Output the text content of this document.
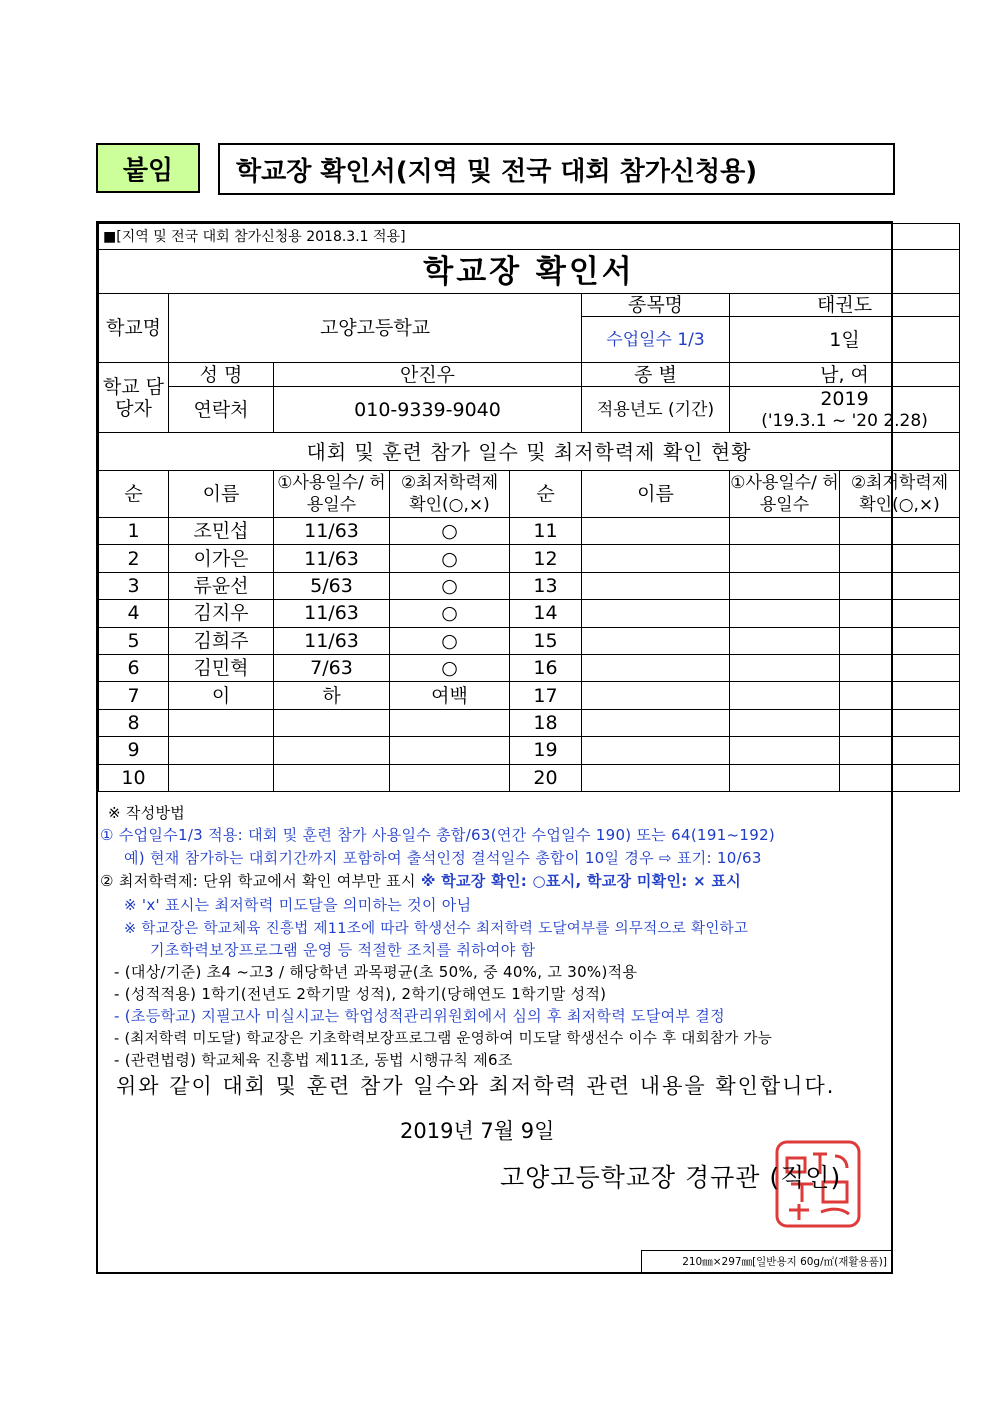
붙임	학교장 확인서(지역 및 전국 대회 참가신청용)
■[지역 및 전국 대회 참가신청용 2018.3.1 적용]							
학교장 확인서							
학교명	고양고등학교				종목명	태권도	
					수업일수 1/3	1일	
학교 담당자	성 명	안진우			종 별	남, 여	
	연락처	010-9339-9040			적용년도 (기간)	2019
('19.3.1 ~ '20 2.28)	

대회 및 훈련 참가 일수 및 최저학력제 확인 현황							
순	이름	①사용일수/ 허용일수	②최저학력제 확인(○,×)	순	이름	①사용일수/ 허용일수	②최저학력제 확인(○,×)
1	조민섭	11/63	○	11			
2	이가은	11/63	○	12			
3	류윤선	5/63	○	13			
4	김지우	11/63	○	14			
5	김희주	11/63	○	15			
6	김민혁	7/63	○	16			
7	이	하	여백	17			
8				18			
9				19			
10				20			
※ 작성방법
① 수업일수1/3 적용: 대회 및 훈련 참가 사용일수 총합/63(연간 수업일수 190) 또는 64(191~192)
예) 현재 참가하는 대회기간까지 포함하여 출석인정 결석일수 총합이 10일 경우 ⇨ 표기: 10/63
② 최저학력제: 단위 학교에서 확인 여부만 표시 ※ 학교장 확인: ○표시, 학교장 미확인: × 표시
※ 'x' 표시는 최저학력 미도달을 의미하는 것이 아님
※ 학교장은 학교체육 진흥법 제11조에 따라 학생선수 최저학력 도달여부를 의무적으로 확인하고
기초학력보장프로그램 운영 등 적절한 조치를 취하여야 함
- (대상/기준) 초4 ~고3 / 해당학년 과목평균(초 50%, 중 40%, 고 30%)적용
- (성적적용) 1학기(전년도 2학기말 성적), 2학기(당해연도 1학기말 성적)
- (초등학교) 지필고사 미실시교는 학업성적관리위원회에서 심의 후 최저학력 도달여부 결정
- (최저학력 미도달) 학교장은 기초학력보장프로그램 운영하여 미도달 학생선수 이수 후 대회참가 가능
- (관련법령) 학교체육 진흥법 제11조, 동법 시행규칙 제6조
위와 같이 대회 및 훈련 참가 일수와 최저학력 관련 내용을 확인합니다.
2019년 7월 9일
고양고등학교장 경규관 (직인)
210㎜×297㎜[일반용지 60g/㎡(재활용품)]
